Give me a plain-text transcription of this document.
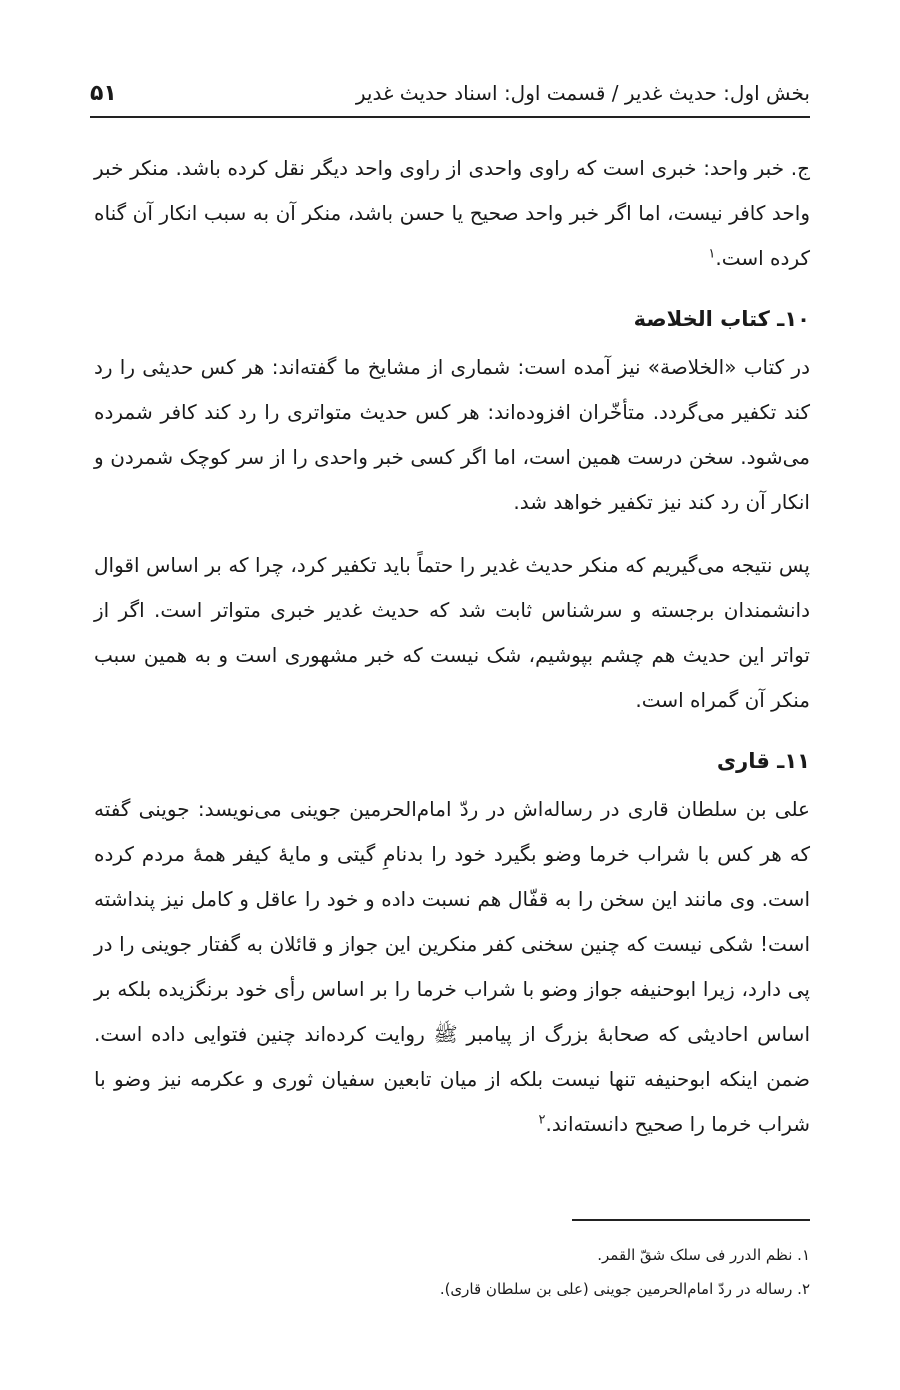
بخش اول: حدیث غدیر / قسمت اول: اسناد حدیث غدیر
۵۱

ج. خبر واحد: خبری است که راوی واحدی از راوی واحد دیگر نقل کرده باشد. منکر خبر واحد کافر نیست، اما اگر خبر واحد صحیح یا حسن باشد، منکر آن به سبب انکار آن گناه کرده است.$^۱$

۱۰ـ کتاب الخلاصة

در کتاب «الخلاصة» نیز آمده است: شماری از مشایخ ما گفته‌اند: هر کس حدیثی را رد کند تکفیر می‌گردد. متأخّران افزوده‌اند: هر کس حدیث متواتری را رد کند کافر شمرده می‌شود. سخن درست همین است، اما اگر کسی خبر واحدی را از سر کوچک شمردن و انکار آن رد کند نیز تکفیر خواهد شد.

پس نتیجه می‌گیریم که منکر حدیث غدیر را حتماً باید تکفیر کرد، چرا که بر اساس اقوال دانشمندان برجسته و سرشناس ثابت شد که حدیث غدیر خبری متواتر است. اگر از تواتر این حدیث هم چشم بپوشیم، شک نیست که خبر مشهوری است و به همین سبب منکر آن گمراه است.

۱۱ـ قاری

علی بن سلطان قاری در رساله‌اش در ردّ امام‌الحرمین جوینی می‌نویسد: جوینی گفته که هر کس با شراب خرما وضو بگیرد خود را بدنامِ گیتی و مایهٔ کیفر همهٔ مردم کرده است. وی مانند این سخن را به قفّال هم نسبت داده و خود را عاقل و کامل نیز پنداشته است! شکی نیست که چنین سخنی کفر منکرین این جواز و قائلان به گفتار جوینی را در پی دارد، زیرا ابوحنیفه جواز وضو با شراب خرما را بر اساس رأی خود برنگزیده بلکه بر اساس احادیثی که صحابهٔ بزرگ از پیامبر ﷺ روایت کرده‌اند چنین فتوایی داده است. ضمن اینکه ابوحنیفه تنها نیست بلکه از میان تابعین سفیان ثوری و عکرمه نیز وضو با شراب خرما را صحیح دانسته‌اند.$^۲$

۱. نظم الدرر فی سلک شقّ القمر.
۲. رساله در ردّ امام‌الحرمین جوینی (علی بن سلطان قاری).
